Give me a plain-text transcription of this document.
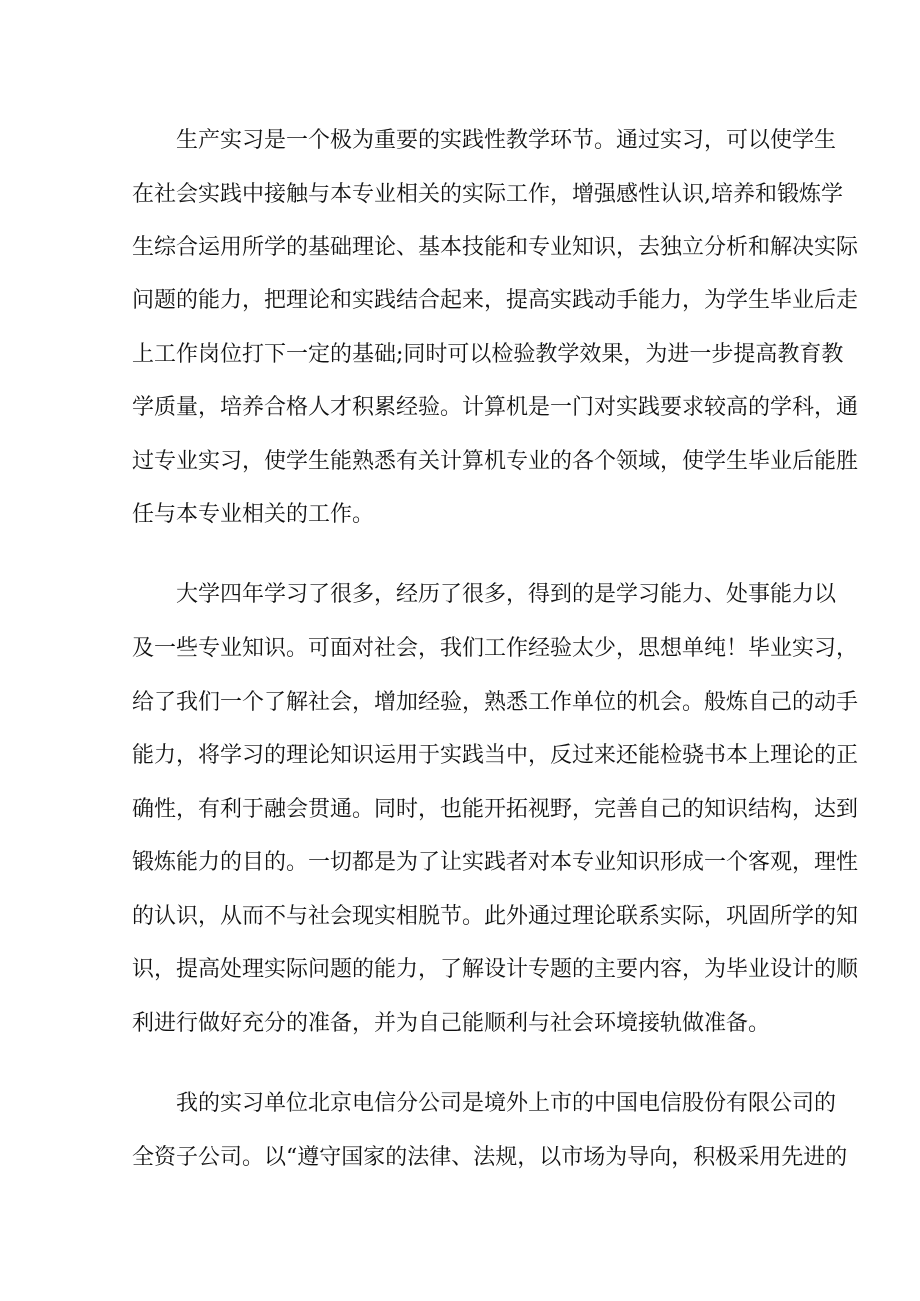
生产实习是一个极为重要的实践性教学环节。通过实习，可以使学生
在社会实践中接触与本专业相关的实际工作，增强感性认识,培养和锻炼学
生综合运用所学的基础理论、基本技能和专业知识，去独立分析和解决实际
问题的能力，把理论和实践结合起来，提高实践动手能力，为学生毕业后走
上工作岗位打下一定的基础;同时可以检验教学效果，为进一步提高教育教
学质量，培养合格人才积累经验。计算机是一门对实践要求较高的学科，通
过专业实习，使学生能熟悉有关计算机专业的各个领域，使学生毕业后能胜
任与本专业相关的工作。
大学四年学习了很多，经历了很多，得到的是学习能力、处事能力以
及一些专业知识。可面对社会，我们工作经验太少，思想单纯！毕业实习，
给了我们一个了解社会，增加经验，熟悉工作单位的机会。般炼自己的动手
能力，将学习的理论知识运用于实践当中，反过来还能检骁书本上理论的正
确性，有利于融会贯通。同时，也能开拓视野，完善自己的知识结构，达到
锻炼能力的目的。一切都是为了让实践者对本专业知识形成一个客观，理性
的认识，从而不与社会现实相脱节。此外通过理论联系实际，巩固所学的知
识，提高处理实际问题的能力，了解设计专题的主要内容，为毕业设计的顺
利进行做好充分的准备，并为自己能顺利与社会环境接轨做准备。
我的实习单位北京电信分公司是境外上市的中国电信股份有限公司的
全资子公司。以“遵守国家的法律、法规，以市场为导向，积极采用先进的
